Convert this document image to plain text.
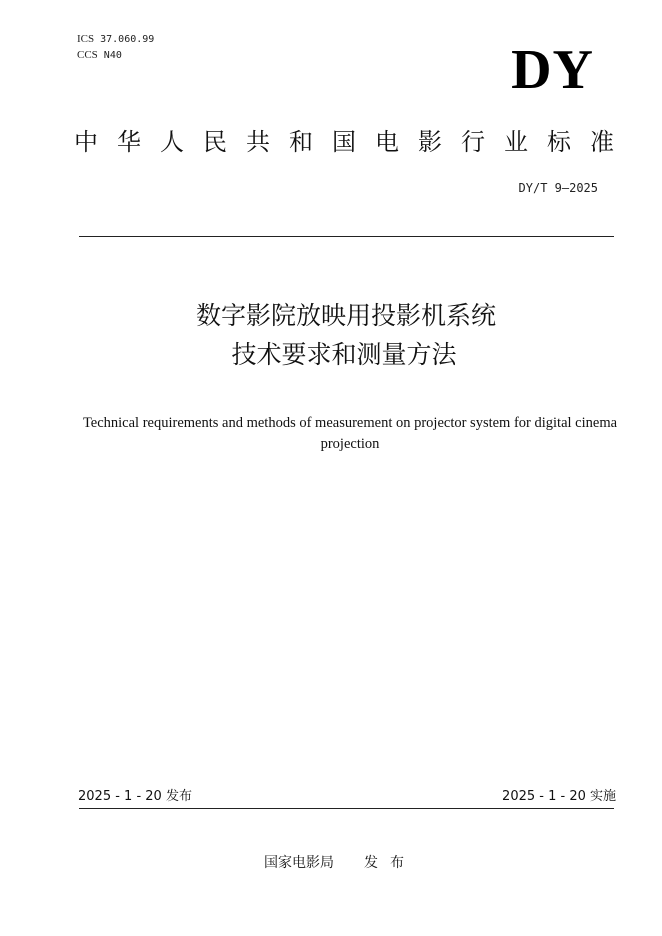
ICS 37.060.99
CCS N40	DY
中华人民共和国电影行业标准
DY/T 9—2025
数字影院放映用投影机系统
技术要求和测量方法
Technical requirements and methods of measurement on projector system for digital cinema projection
2025 - 1 - 20 发布	2025 - 1 - 20 实施
国家电影局 发布
